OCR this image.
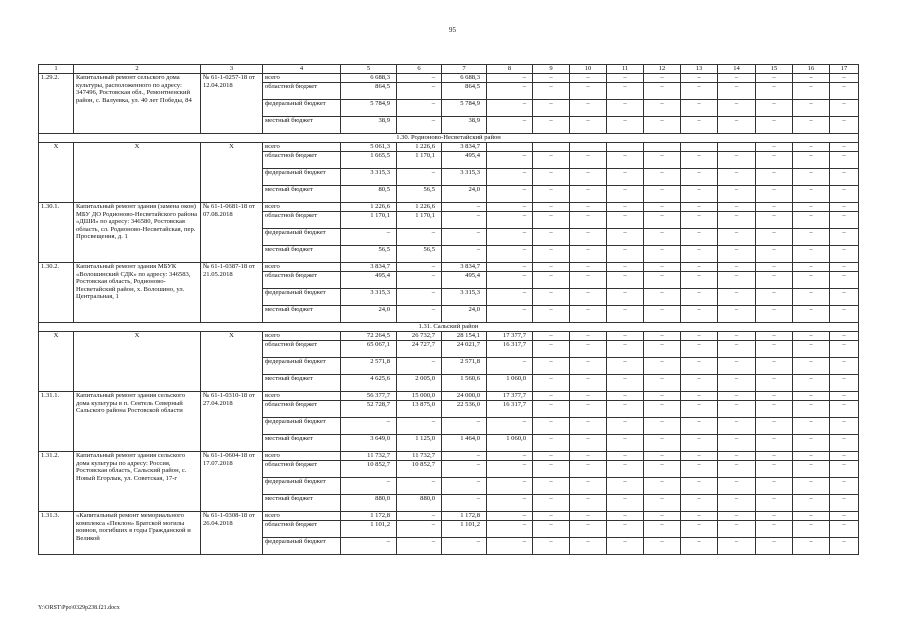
95
1	2	3	4	5	6	7	8	9	10	11	12	13	14	15	16	17
1.29.2.	Капитальный ремонт сельского дома культуры, расположенного по адресу: 347496, Ростовская обл., Ремонтненский район, с. Валуевка, ул. 40 лет Победы, 84	№ 61-1-0257-18 от 12.04.2018	всего	6 688,3	–	6 688,3	–	–	–	–	–	–	–	–	–	–
			областной бюджет	864,5	–	864,5	–	–	–	–	–	–	–	–	–	–
			федеральный бюджет	5 784,9	–	5 784,9	–	–	–	–	–	–	–	–	–	–
			местный бюджет	38,9	–	38,9	–	–	–	–	–	–	–	–	–	–
1.30. Родионово-Несветайский район																
Х	Х	Х	всего	5 061,3	1 226,6	3 834,7								–	–	–
			областной бюджет	1 665,5	1 170,1	495,4	–	–	–	–	–	–	–	–	–	–
			федеральный бюджет	3 315,3	–	3 315,3	–	–	–	–	–	–	–	–	–	–
			местный бюджет	80,5	56,5	24,0	–	–	–	–	–	–	–	–	–	–
1.30.1.	Капитальный ремонт здания (замена окон) МБУ ДО Родионово-Несветайского района «ДШИ» по адресу: 346580, Ростовская область, сл. Родионово-Несветайская, пер. Просвещения, д. 1	№ 61-1-0681-18 от 07.08.2018	всего	1 226,6	1 226,6	–	–	–	–	–	–	–	–	–	–	–
			областной бюджет	1 170,1	1 170,1	–	–	–	–	–	–	–	–	–	–	–
			федеральный бюджет	–	–	–	–	–	–	–	–	–	–	–	–	–
			местный бюджет	56,5	56,5	–	–	–	–	–	–	–	–	–	–	–
1.30.2.	Капитальный ремонт здания МБУК «Волошинский СДК» по адресу: 346583, Ростовская область, Родионово-Несветайский район, х. Волошино, ул. Центральная, 1	№ 61-1-0387-18 от 21.05.2018	всего	3 834,7	–	3 834,7	–	–	–	–	–	–	–	–	–	–
			областной бюджет	495,4	–	495,4	–	–	–	–	–	–	–	–	–	–
			федеральный бюджет	3 315,3	–	3 315,3	–	–	–	–	–	–	–	–	–	–
			местный бюджет	24,0	–	24,0	–	–	–	–	–	–	–	–	–	–
1.31. Сальский район																
Х	Х	Х	всего	72 264,5	26 732,7	28 154,1	17 377,7	–	–	–	–	–	–	–	–	–
			областной бюджет	65 067,1	24 727,7	24 021,7	16 317,7	–	–	–	–	–	–	–	–	–
			федеральный бюджет	2 571,8	–	2 571,8	–	–	–	–	–	–	–	–	–	–
			местный бюджет	4 625,6	2 005,0	1 560,6	1 060,0	–	–	–	–	–	–	–	–	–
1.31.1.	Капитальный ремонт здания сельского дома культуры в п. Сеятель Северный Сальского района Ростовской области	№ 61-1-0310-18 от 27.04.2018	всего	56 377,7	15 000,0	24 000,0	17 377,7	–	–	–	–	–	–	–	–	–
			областной бюджет	52 728,7	13 875,0	22 536,0	16 317,7	–	–	–	–	–	–	–	–	–
			федеральный бюджет	–	–	–	–	–	–	–	–	–	–	–	–	–
			местный бюджет	3 649,0	1 125,0	1 464,0	1 060,0	–	–	–	–	–	–	–	–	–
1.31.2.	Капитальный ремонт здания сельского дома культуры по адресу: Россия, Ростовская область, Сальский район, с. Новый Егорлык, ул. Советская, 17-г	№ 61-1-0604-18 от 17.07.2018	всего	11 732,7	11 732,7	–	–	–	–	–	–	–	–	–	–	–
			областной бюджет	10 852,7	10 852,7	–	–	–	–	–	–	–	–	–	–	–
			федеральный бюджет	–	–	–	–	–	–	–	–	–	–	–	–	–
			местный бюджет	880,0	880,0	–	–	–	–	–	–	–	–	–	–	–
1.31.3.	«Капитальный ремонт мемориального комплекса «Пеклон» Братской могилы воинов, погибших в годы Гражданской и Великой	№ 61-1-0308-18 от 26.04.2018	всего	1 172,8	–	1 172,8	–	–	–	–	–	–	–	–	–	–
			областной бюджет	1 101,2	–	1 101,2	–	–	–	–	–	–	–	–	–	–
			федеральный бюджет	–	–	–	–	–	–	–	–	–	–	–	–	–
Y:\ORST\Ppo\0329p238.f21.docx
